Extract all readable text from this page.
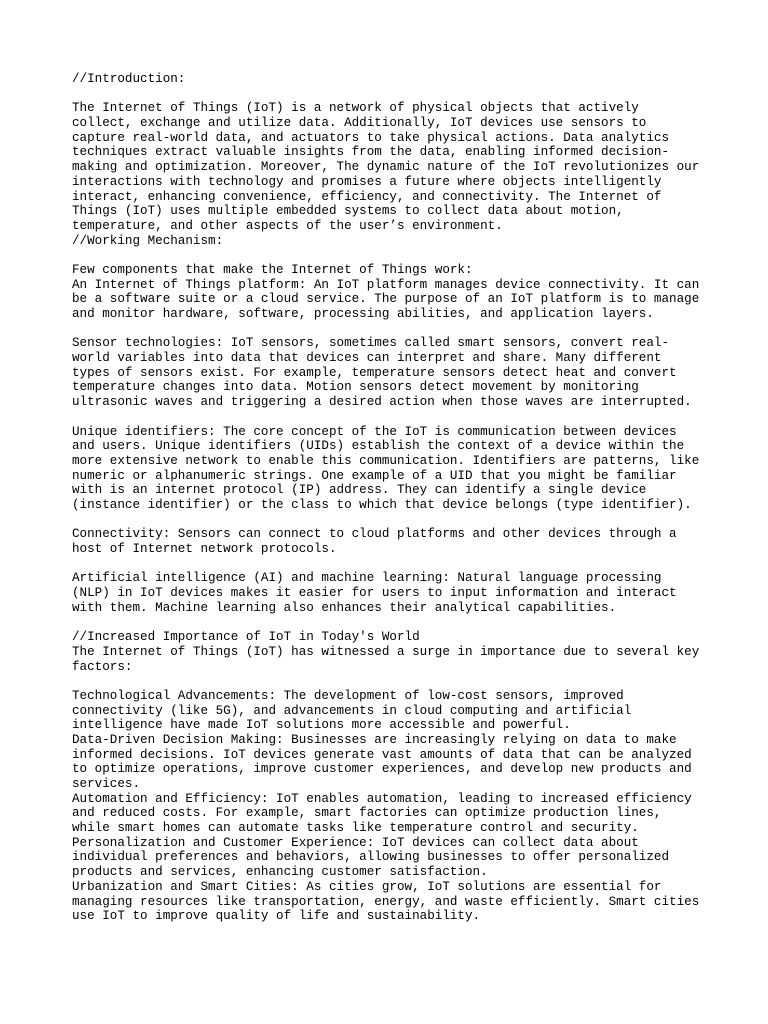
//Introduction:
The Internet of Things (IoT) is a network of physical objects that actively
collect, exchange and utilize data. Additionally, IoT devices use sensors to
capture real-world data, and actuators to take physical actions. Data analytics
techniques extract valuable insights from the data, enabling informed decision-
making and optimization. Moreover, The dynamic nature of the IoT revolutionizes our
interactions with technology and promises a future where objects intelligently
interact, enhancing convenience, efficiency, and connectivity. The Internet of
Things (IoT) uses multiple embedded systems to collect data about motion,
temperature, and other aspects of the user’s environment.
//Working Mechanism:
Few components that make the Internet of Things work:
An Internet of Things platform: An IoT platform manages device connectivity. It can
be a software suite or a cloud service. The purpose of an IoT platform is to manage
and monitor hardware, software, processing abilities, and application layers.
Sensor technologies: IoT sensors, sometimes called smart sensors, convert real-
world variables into data that devices can interpret and share. Many different
types of sensors exist. For example, temperature sensors detect heat and convert
temperature changes into data. Motion sensors detect movement by monitoring
ultrasonic waves and triggering a desired action when those waves are interrupted.
Unique identifiers: The core concept of the IoT is communication between devices
and users. Unique identifiers (UIDs) establish the context of a device within the
more extensive network to enable this communication. Identifiers are patterns, like
numeric or alphanumeric strings. One example of a UID that you might be familiar
with is an internet protocol (IP) address. They can identify a single device
(instance identifier) or the class to which that device belongs (type identifier).
Connectivity: Sensors can connect to cloud platforms and other devices through a
host of Internet network protocols.
Artificial intelligence (AI) and machine learning: Natural language processing
(NLP) in IoT devices makes it easier for users to input information and interact
with them. Machine learning also enhances their analytical capabilities.
//Increased Importance of IoT in Today's World
The Internet of Things (IoT) has witnessed a surge in importance due to several key
factors:
Technological Advancements: The development of low-cost sensors, improved
connectivity (like 5G), and advancements in cloud computing and artificial
intelligence have made IoT solutions more accessible and powerful.
Data-Driven Decision Making: Businesses are increasingly relying on data to make
informed decisions. IoT devices generate vast amounts of data that can be analyzed
to optimize operations, improve customer experiences, and develop new products and
services.
Automation and Efficiency: IoT enables automation, leading to increased efficiency
and reduced costs. For example, smart factories can optimize production lines,
while smart homes can automate tasks like temperature control and security.
Personalization and Customer Experience: IoT devices can collect data about
individual preferences and behaviors, allowing businesses to offer personalized
products and services, enhancing customer satisfaction.
Urbanization and Smart Cities: As cities grow, IoT solutions are essential for
managing resources like transportation, energy, and waste efficiently. Smart cities
use IoT to improve quality of life and sustainability.
